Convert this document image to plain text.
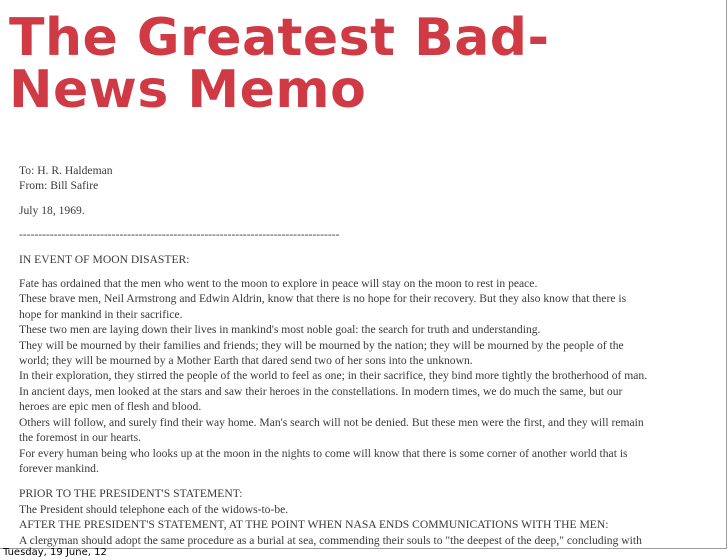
The Greatest Bad-
News Memo

To: H. R. Haldeman

From: Bill Safire

July 18, 1969.

-----------------------------------------------------------------------------------

IN EVENT OF MOON DISASTER:

Fate has ordained that the men who went to the moon to explore in peace will stay on the moon to rest in peace.

These brave men, Neil Armstrong and Edwin Aldrin, know that there is no hope for their recovery. But they also know that there is

hope for mankind in their sacrifice.

These two men are laying down their lives in mankind's most noble goal: the search for truth and understanding.

They will be mourned by their families and friends; they will be mourned by the nation; they will be mourned by the people of the

world; they will be mourned by a Mother Earth that dared send two of her sons into the unknown.

In their exploration, they stirred the people of the world to feel as one; in their sacrifice, they bind more tightly the brotherhood of man.

In ancient days, men looked at the stars and saw their heroes in the constellations. In modern times, we do much the same, but our

heroes are epic men of flesh and blood.

Others will follow, and surely find their way home. Man's search will not be denied. But these men were the first, and they will remain

the foremost in our hearts.

For every human being who looks up at the moon in the nights to come will know that there is some corner of another world that is

forever mankind.

PRIOR TO THE PRESIDENT'S STATEMENT:

The President should telephone each of the widows-to-be.

AFTER THE PRESIDENT'S STATEMENT, AT THE POINT WHEN NASA ENDS COMMUNICATIONS WITH THE MEN:

A clergyman should adopt the same procedure as a burial at sea, commending their souls to "the deepest of the deep," concluding with

Tuesday, 19 June, 12
